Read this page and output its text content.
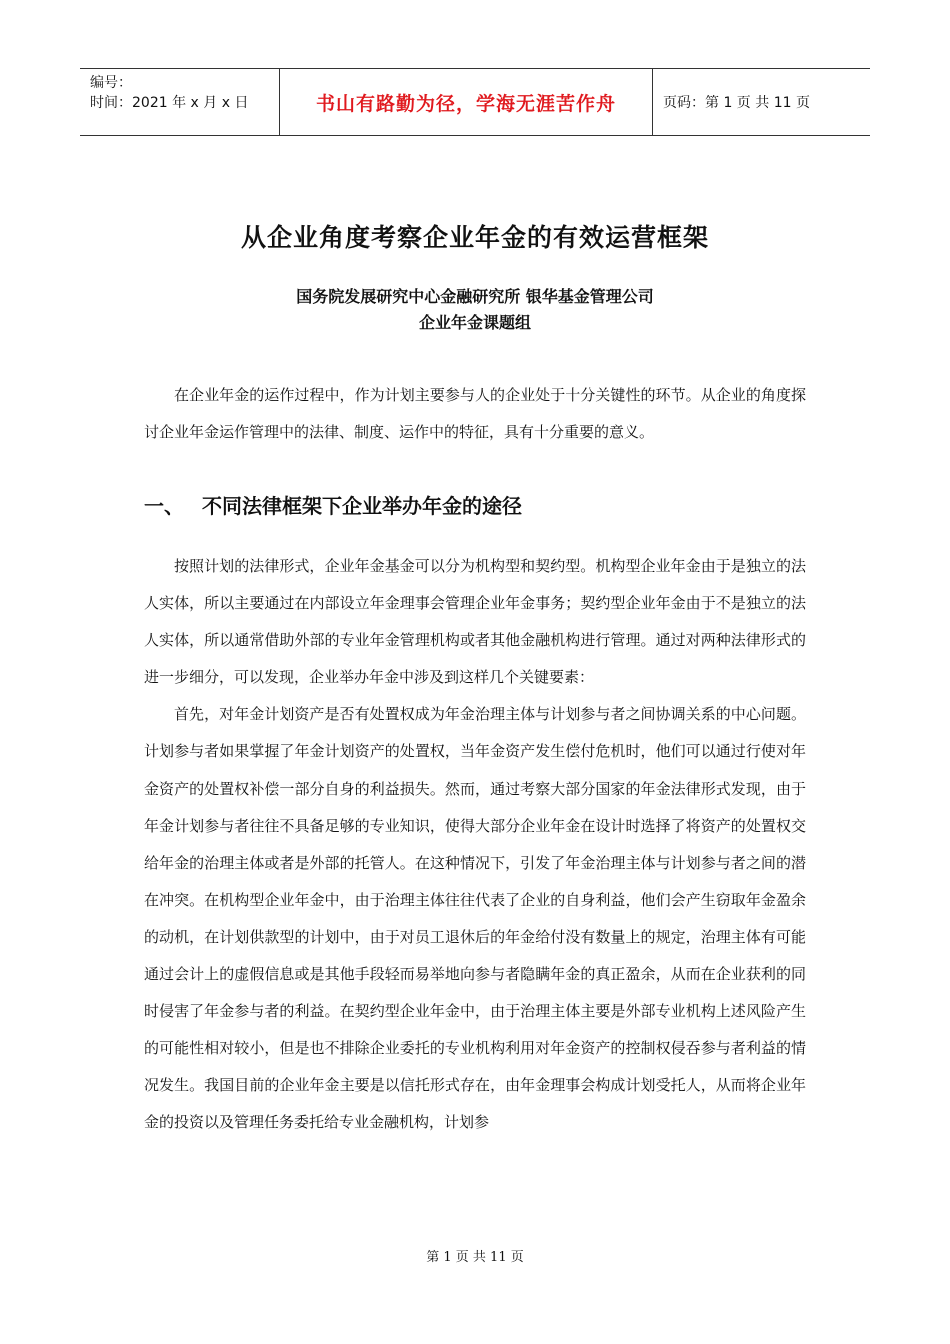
编号：
时间：2021 年 x 月 x 日	书山有路勤为径，学海无涯苦作舟	页码：第 1 页 共 11 页
从企业角度考察企业年金的有效运营框架
国务院发展研究中心金融研究所 银华基金管理公司
企业年金课题组

在企业年金的运作过程中，作为计划主要参与人的企业处于十分关键性的环节。从企业的角度探讨企业年金运作管理中的法律、制度、运作中的特征，具有十分重要的意义。

一、 不同法律框架下企业举办年金的途径

按照计划的法律形式，企业年金基金可以分为机构型和契约型。机构型企业年金由于是独立的法人实体，所以主要通过在内部设立年金理事会管理企业年金事务；契约型企业年金由于不是独立的法人实体，所以通常借助外部的专业年金管理机构或者其他金融机构进行管理。通过对两种法律形式的进一步细分，可以发现，企业举办年金中涉及到这样几个关键要素：

首先，对年金计划资产是否有处置权成为年金治理主体与计划参与者之间协调关系的中心问题。计划参与者如果掌握了年金计划资产的处置权，当年金资产发生偿付危机时，他们可以通过行使对年金资产的处置权补偿一部分自身的利益损失。然而，通过考察大部分国家的年金法律形式发现，由于年金计划参与者往往不具备足够的专业知识，使得大部分企业年金在设计时选择了将资产的处置权交给年金的治理主体或者是外部的托管人。在这种情况下，引发了年金治理主体与计划参与者之间的潜在冲突。在机构型企业年金中，由于治理主体往往代表了企业的自身利益，他们会产生窃取年金盈余的动机，在计划供款型的计划中，由于对员工退休后的年金给付没有数量上的规定，治理主体有可能通过会计上的虚假信息或是其他手段轻而易举地向参与者隐瞒年金的真正盈余，从而在企业获利的同时侵害了年金参与者的利益。在契约型企业年金中，由于治理主体主要是外部专业机构上述风险产生的可能性相对较小，但是也不排除企业委托的专业机构利用对年金资产的控制权侵吞参与者利益的情况发生。我国目前的企业年金主要是以信托形式存在，由年金理事会构成计划受托人，从而将企业年金的投资以及管理任务委托给专业金融机构，计划参

第 1 页 共 11 页
